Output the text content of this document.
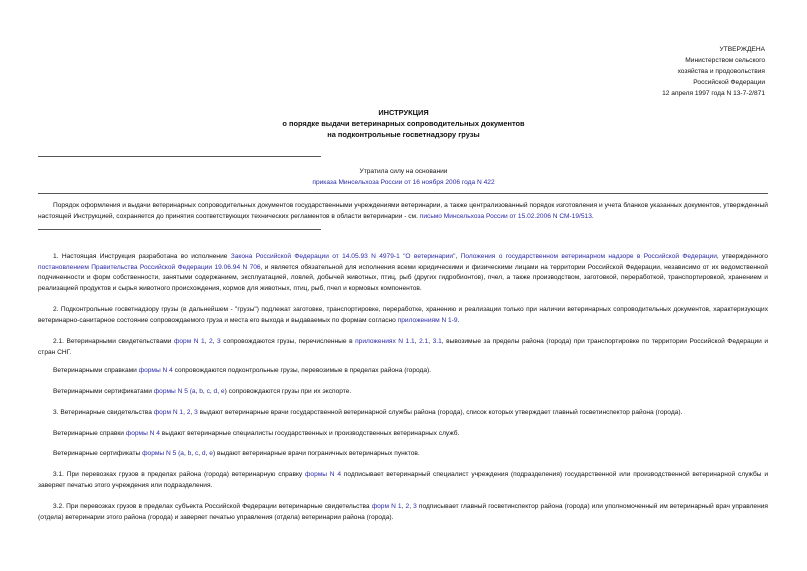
УТВЕРЖДЕНА
Министерством сельского
хозяйства и продовольствия
Российской Федерации
12 апреля 1997 года N 13-7-2/871
ИНСТРУКЦИЯ
о порядке выдачи ветеринарных сопроводительных документов
на подконтрольные госветнадзору грузы
Утратила силу на основании
приказа Минсельхоза России от 16 ноября 2006 года N 422
Порядок оформления и выдачи ветеринарных сопроводительных документов государственными учреждениями ветеринарии, а также централизованный порядок изготовления и учета бланков указанных документов, утвержденный настоящей Инструкцией, сохраняется до принятия соответствующих технических регламентов в области ветеринарии - см. письмо Минсельхоза России от 15.02.2006 N СМ-19/513.
1. Настоящая Инструкция разработана во исполнение Закона Российской Федерации от 14.05.93 N 4979-1 "О ветеринарии", Положения о государственном ветеринарном надзоре в Российской Федерации, утвержденного постановлением Правительства Российской Федерации 19.06.94 N 706, и является обязательной для исполнения всеми юридическими и физическими лицами на территории Российской Федерации, независимо от их ведомственной подчиненности и форм собственности, занятыми содержанием, эксплуатацией, ловлей, добычей животных, птиц, рыб (других гидробионтов), пчел, а также производством, заготовкой, переработкой, транспортировкой, хранением и реализацией продуктов и сырья животного происхождения, кормов для животных, птиц, рыб, пчел и кормовых компонентов.
2. Подконтрольные госветнадзору грузы (в дальнейшем - "грузы") подлежат заготовке, транспортировке, переработке, хранению и реализации только при наличии ветеринарных сопроводительных документов, характеризующих ветеринарно-санитарное состояние сопровождаемого груза и места его выхода и выдаваемых по формам согласно приложениям N 1-9.
2.1. Ветеринарными свидетельствами форм N 1, 2, 3 сопровождаются грузы, перечисленные в приложениях N 1.1, 2.1, 3.1, вывозимые за пределы района (города) при транспортировке по территории Российской Федерации и стран СНГ.
Ветеринарными справками формы N 4 сопровождаются подконтрольные грузы, перевозимые в пределах района (города).
Ветеринарными сертификатами формы N 5 (а, b, c, d, e) сопровождаются грузы при их экспорте.
3. Ветеринарные свидетельства форм N 1, 2, 3 выдают ветеринарные врачи государственной ветеринарной службы района (города), список которых утверждает главный госветинспектор района (города).
Ветеринарные справки формы N 4 выдают ветеринарные специалисты государственных и производственных ветеринарных служб.
Ветеринарные сертификаты формы N 5 (a, b, c, d, e) выдают ветеринарные врачи пограничных ветеринарных пунктов.
3.1. При перевозках грузов в пределах района (города) ветеринарную справку формы N 4 подписывает ветеринарный специалист учреждения (подразделения) государственной или производственной ветеринарной службы и заверяет печатью этого учреждения или подразделения.
3.2. При перевозках грузов в пределах субъекта Российской Федерации ветеринарные свидетельства форм N 1, 2, 3 подписывает главный госветинспектор района (города) или уполномоченный им ветеринарный врач управления (отдела) ветеринарии этого района (города) и заверяет печатью управления (отдела) ветеринарии района (города).
